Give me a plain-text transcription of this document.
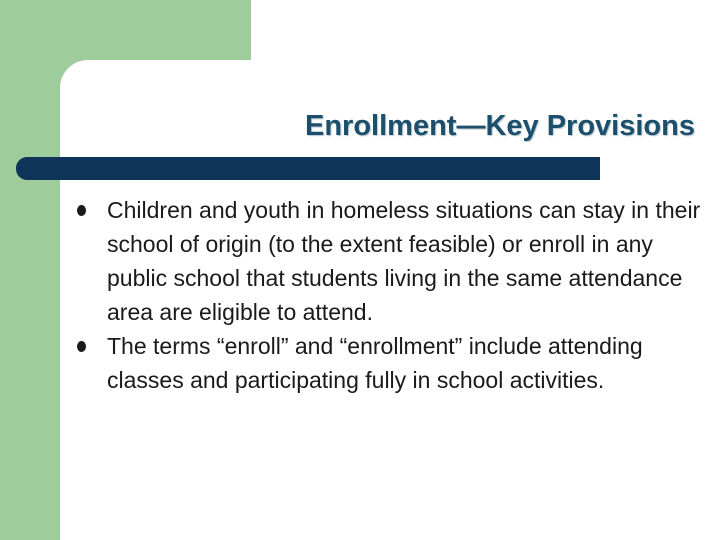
Enrollment—Key Provisions
Children and youth in homeless situations can stay in their school of origin (to the extent feasible) or enroll in any public school that students living in the same attendance area are eligible to attend.
The terms “enroll” and “enrollment” include attending classes and participating fully in school activities.
